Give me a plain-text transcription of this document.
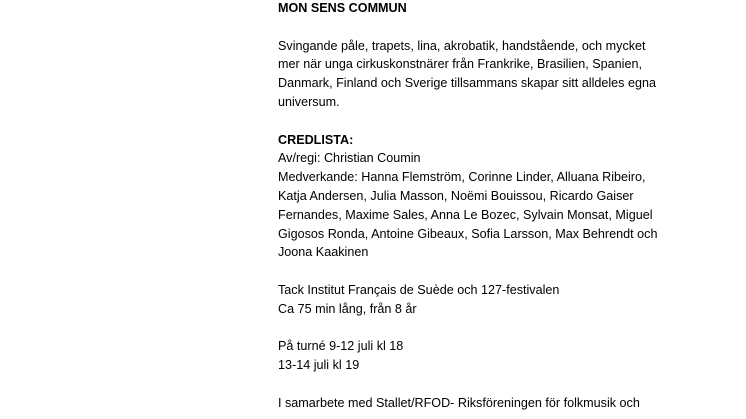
MON SENS COMMUN
Svingande påle, trapets, lina, akrobatik, handstående, och mycket
mer när unga cirkuskonstnärer från Frankrike, Brasilien, Spanien,
Danmark, Finland och Sverige tillsammans skapar sitt alldeles egna
universum.
CREDLISTA:
Av/regi: Christian Coumin
Medverkande: Hanna Flemström, Corinne Linder, Alluana Ribeiro,
Katja Andersen, Julia Masson, Noëmi Bouissou, Ricardo Gaiser
Fernandes, Maxime Sales, Anna Le Bozec, Sylvain Monsat, Miguel
Gigosos Ronda, Antoine Gibeaux, Sofia Larsson, Max Behrendt och
Joona Kaakinen
Tack Institut Français de Suède och 127-festivalen
Ca 75 min lång, från 8 år
På turné 9-12 juli kl 18
13-14 juli kl 19
I samarbete med Stallet/RFOD- Riksföreningen för folkmusik och
